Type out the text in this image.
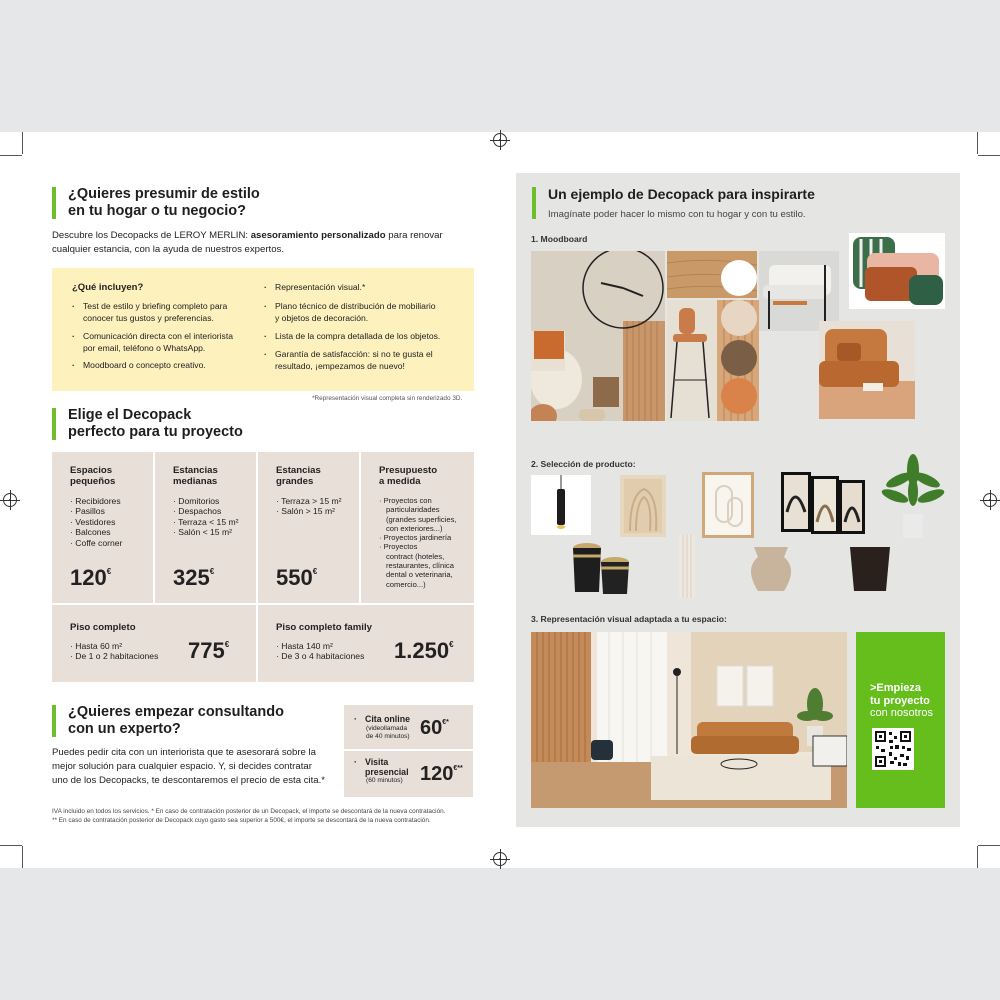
¿Quieres presumir de estilo
en tu hogar o tu negocio?
Descubre los Decopacks de LEROY MERLIN: asesoramiento personalizado para renovar
cualquier estancia, con la ayuda de nuestros expertos.
¿Qué incluyen?
· Test de estilo y briefing completo para
conocer tus gustos y preferencias.
· Comunicación directa con el interiorista
por email, teléfono o WhatsApp.
· Moodboard o concepto creativo.
· Representación visual.*
· Plano técnico de distribución de mobiliario
y objetos de decoración.
· Lista de la compra detallada de los objetos.
· Garantía de satisfacción: si no te gusta el
resultado, ¡empezamos de nuevo!
*Representación visual completa sin renderizado 3D.
Elige el Decopack
perfecto para tu proyecto
Espacios
pequeños
· Recibidores
· Pasillos
· Vestidores
· Balcones
· Coffe corner
120€
Estancias
medianas
· Domitorios
· Despachos
· Terraza < 15 m²
· Salón < 15 m²
325€
Estancias
grandes
· Terraza > 15 m²
· Salón > 15 m²
550€
Presupuesto
a medida
· Proyectos con
particularidades
(grandes superficies,
con exteriores...)
· Proyectos jardinería
· Proyectos
contract (hoteles,
restaurantes, clínica
dental o veterinaria,
comercio...)
Piso completo
· Hasta 60 m²
· De 1 o 2 habitaciones 775€
Piso completo family
· Hasta 140 m²
· De 3 o 4 habitaciones 1.250€
¿Quieres empezar consultando
con un experto?
Puedes pedir cita con un interiorista que te asesorará sobre la
mejor solución para cualquier espacio. Y, si decides contratar
uno de los Decopacks, te descontaremos el precio de esta cita.*
· Cita online
(videollamada
de 40 minutos) 60€*
· Visita
presencial
(60 minutos) 120€**
IVA incluido en todos los servicios. * En caso de contratación posterior de un Decopack, el importe se descontará de la nueva contratación.
** En caso de contratación posterior de Decopack cuyo gasto sea superior a 500€, el importe se descontará de la nueva contratación.
Un ejemplo de Decopack para inspirarte
Imagínate poder hacer lo mismo con tu hogar y con tu estilo.
1. Moodboard
2. Selección de producto:
3. Representación visual adaptada a tu espacio:
>Empieza
tu proyecto
con nosotros
